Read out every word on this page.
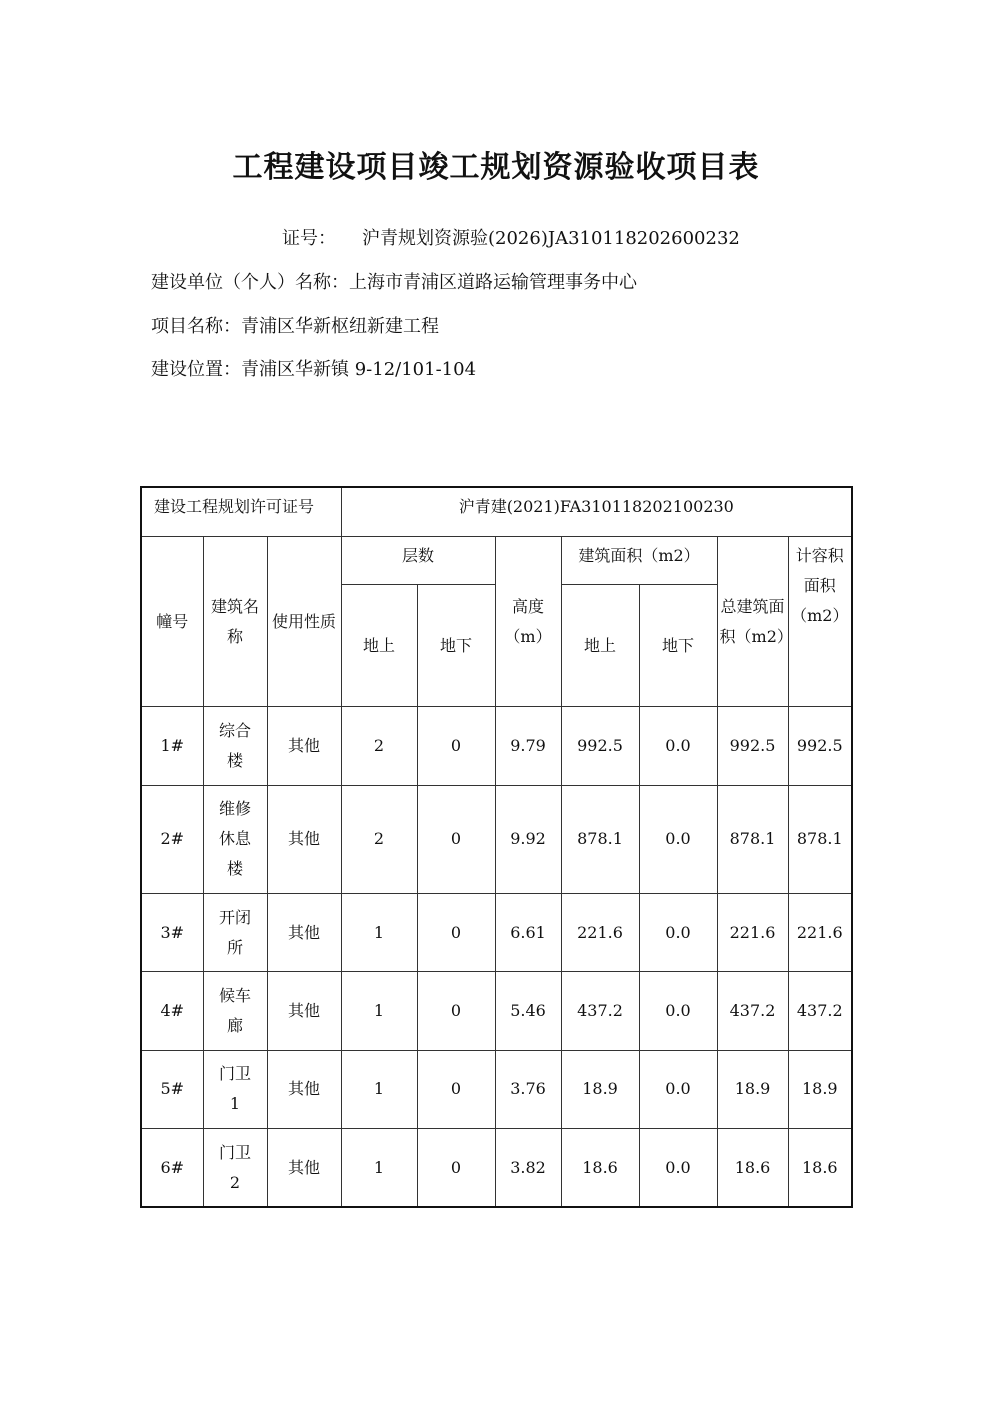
工程建设项目竣工规划资源验收项目表
证号： 沪青规划资源验(2026)JA310118202600232
建设单位（个人）名称：上海市青浦区道路运输管理事务中心
项目名称：青浦区华新枢纽新建工程
建设位置：青浦区华新镇 9-12/101-104
建设工程规划许可证号			沪青建(2021)FA310118202100230						
幢号	建筑名称	使用性质	层数		高度（m）	建筑面积（m2）		总建筑面积（m2）	计容积面积（m2）
			地上	地下		地上	地下		
1#	综合楼	其他	2	0	9.79	992.5	0.0	992.5	992.5
2#	维修休息楼	其他	2	0	9.92	878.1	0.0	878.1	878.1
3#	开闭所	其他	1	0	6.61	221.6	0.0	221.6	221.6
4#	候车廊	其他	1	0	5.46	437.2	0.0	437.2	437.2
5#	门卫1	其他	1	0	3.76	18.9	0.0	18.9	18.9
6#	门卫2	其他	1	0	3.82	18.6	0.0	18.6	18.6
